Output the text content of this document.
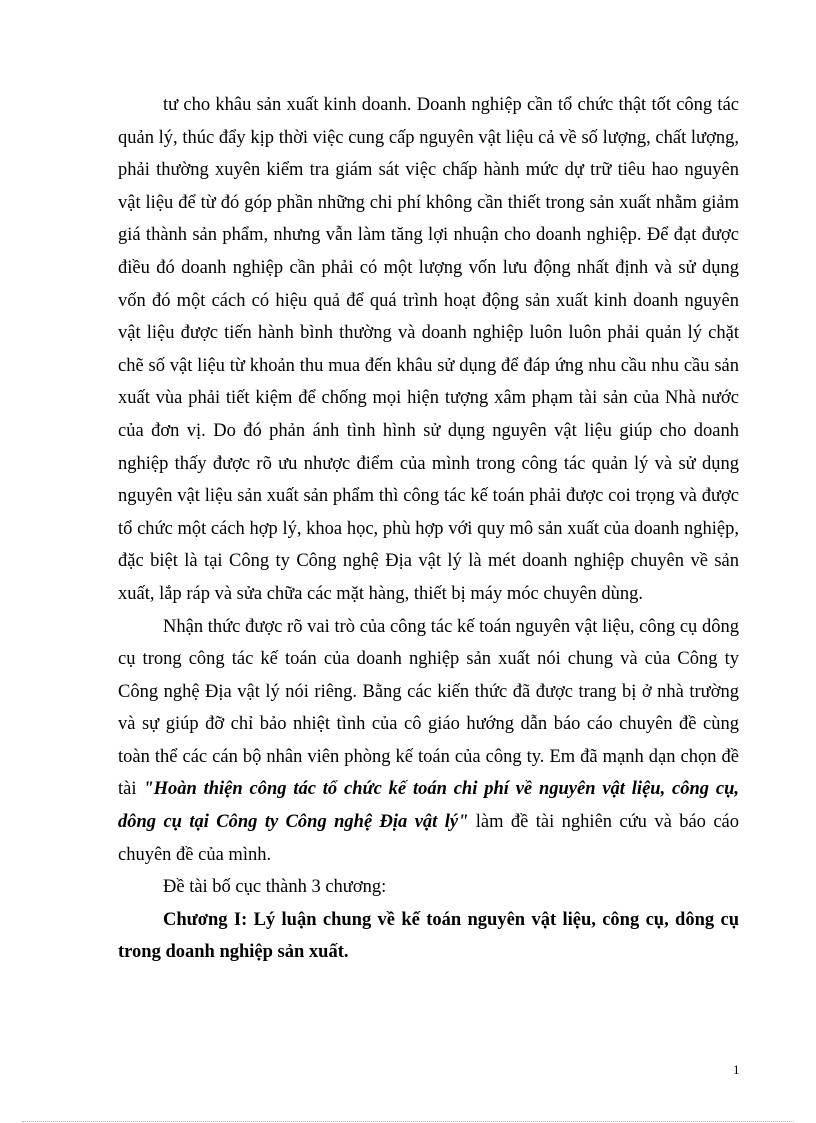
tư cho khâu sản xuất kinh doanh. Doanh nghiệp cần tổ chức thật tốt công tác quản lý, thúc đẩy kịp thời việc cung cấp nguyên vật liệu cả về số lượng, chất lượng, phải thường xuyên kiểm tra giám sát việc chấp hành mức dự trữ tiêu hao nguyên vật liệu để từ đó góp phần những chi phí không cần thiết trong sản xuất nhằm giảm giá thành sản phẩm, nhưng vẫn làm tăng lợi nhuận cho doanh nghiệp. Để đạt được điều đó doanh nghiệp cần phải có một lượng vốn lưu động nhất định và sử dụng vốn đó một cách có hiệu quả để quá trình hoạt động sản xuất kinh doanh nguyên vật liệu được tiến hành bình thường và doanh nghiệp luôn luôn phải quản lý chặt chẽ số vật liệu từ khoản thu mua đến khâu sử dụng để đáp ứng nhu cầu nhu cầu sản xuất vùa phải tiết kiệm để chống mọi hiện tượng xâm phạm tài sản của Nhà nước của đơn vị. Do đó phản ánh tình hình sử dụng nguyên vật liệu giúp cho doanh nghiệp thấy được rõ ưu nhược điểm của mình trong công tác quản lý và sử dụng nguyên vật liệu sản xuất sản phẩm thì công tác kế toán phải được coi trọng và được tổ chức một cách hợp lý, khoa học, phù hợp với quy mô sản xuất của doanh nghiệp, đặc biệt là tại Công ty Công nghệ Địa vật lý là mét doanh nghiệp chuyên về sản xuất, lắp ráp và sửa chữa các mặt hàng, thiết bị máy móc chuyên dùng.

Nhận thức được rõ vai trò của công tác kế toán nguyên vật liệu, công cụ dông cụ trong công tác kế toán của doanh nghiệp sản xuất nói chung và của Công ty Công nghệ Địa vật lý nói riêng. Bằng các kiến thức đã được trang bị ở nhà trường và sự giúp đỡ chỉ bảo nhiệt tình của cô giáo hướng dẫn báo cáo chuyên đề cùng toàn thể các cán bộ nhân viên phòng kế toán của công ty. Em đã mạnh dạn chọn đề tài "Hoàn thiện công tác tổ chức kế toán chi phí về nguyên vật liệu, công cụ, dông cụ tại Công ty Công nghệ Địa vật lý" làm đề tài nghiên cứu và báo cáo chuyên đề của mình.

Đề tài bố cục thành 3 chương:

Chương I: Lý luận chung về kế toán nguyên vật liệu, công cụ, dông cụ trong doanh nghiệp sản xuất.

1
